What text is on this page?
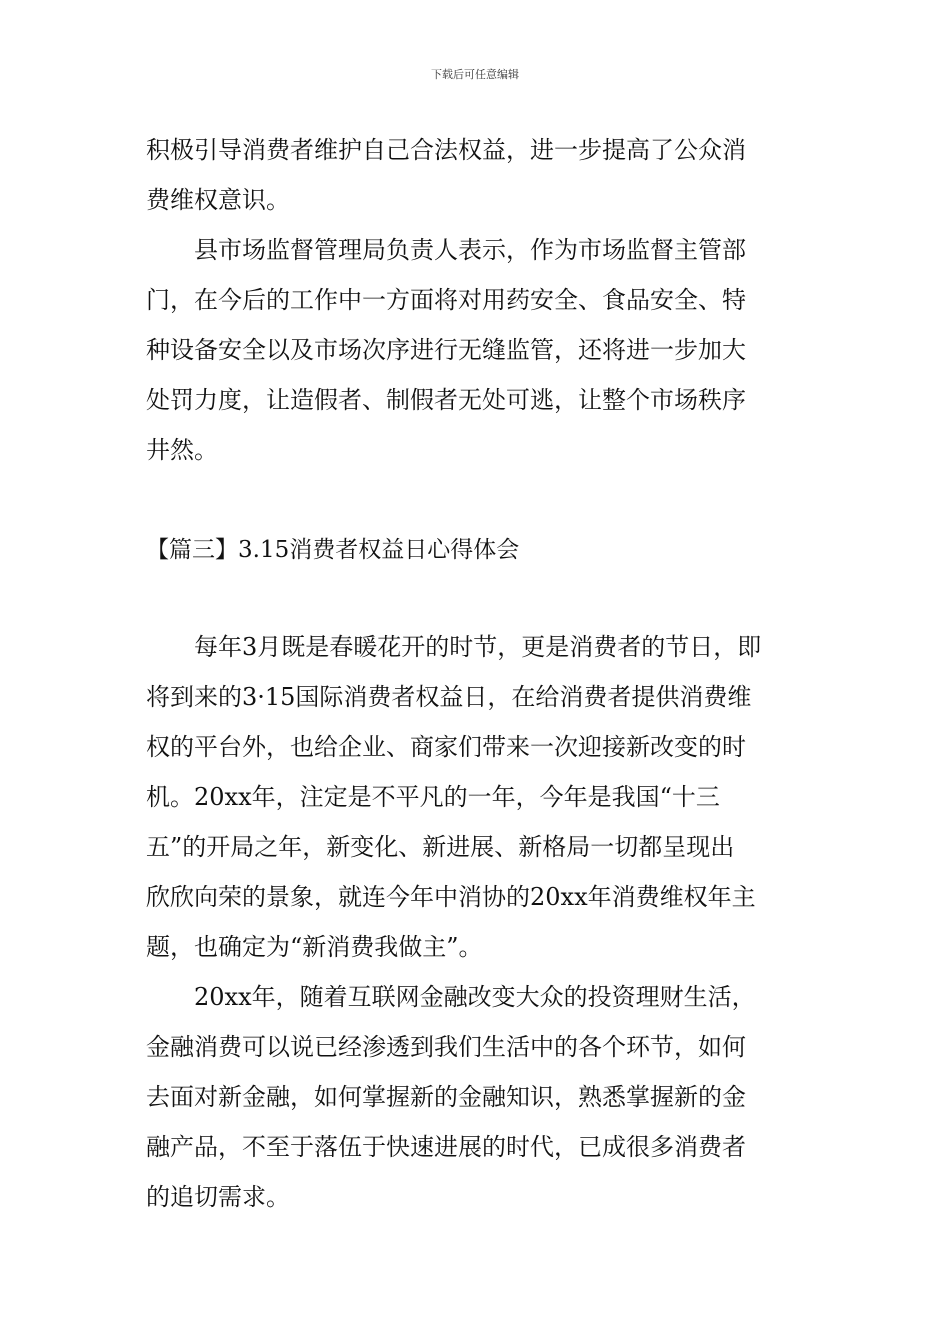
下载后可任意编辑
积极引导消费者维护自己合法权益，进一步提高了公众消
费维权意识。
　　县市场监督管理局负责人表示，作为市场监督主管部
门，在今后的工作中一方面将对用药安全、食品安全、特
种设备安全以及市场次序进行无缝监管，还将进一步加大
处罚力度，让造假者、制假者无处可逃，让整个市场秩序
井然。
【篇三】3.15消费者权益日心得体会
　　每年3月既是春暖花开的时节，更是消费者的节日，即
将到来的3·15国际消费者权益日，在给消费者提供消费维
权的平台外，也给企业、商家们带来一次迎接新改变的时
机。20xx年，注定是不平凡的一年，今年是我国“十三
五”的开局之年，新变化、新进展、新格局一切都呈现出
欣欣向荣的景象，就连今年中消协的20xx年消费维权年主
题，也确定为“新消费我做主”。
　　20xx年，随着互联网金融改变大众的投资理财生活，
金融消费可以说已经渗透到我们生活中的各个环节，如何
去面对新金融，如何掌握新的金融知识，熟悉掌握新的金
融产品，不至于落伍于快速进展的时代，已成很多消费者
的追切需求。
